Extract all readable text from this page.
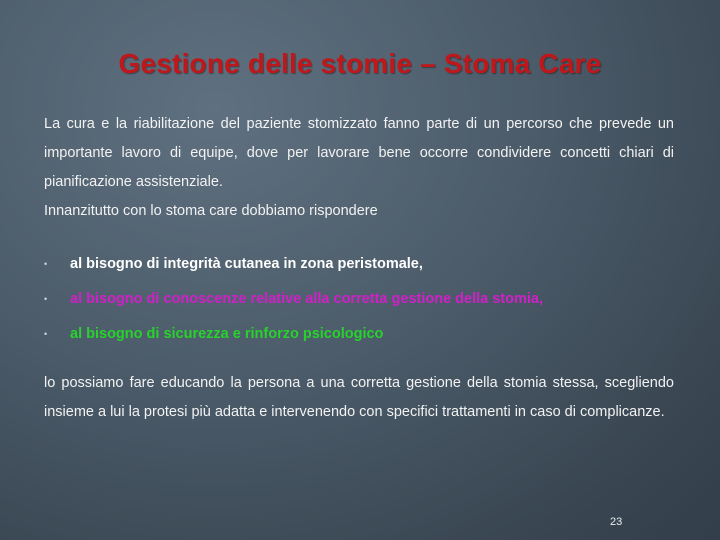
Gestione delle stomie – Stoma Care
La cura e la riabilitazione del paziente stomizzato fanno parte di un percorso che prevede un importante lavoro di equipe, dove per lavorare bene occorre condividere concetti chiari di pianificazione assistenziale.
Innanzitutto con lo stoma care dobbiamo rispondere
• al bisogno di integrità cutanea in zona peristomale,
• al bisogno di conoscenze relative alla corretta gestione della stomia,
• al bisogno di sicurezza e rinforzo psicologico
lo possiamo fare educando la persona a una corretta gestione della stomia stessa, scegliendo insieme a lui la protesi più adatta e intervenendo con specifici trattamenti in caso di complicanze.
23
